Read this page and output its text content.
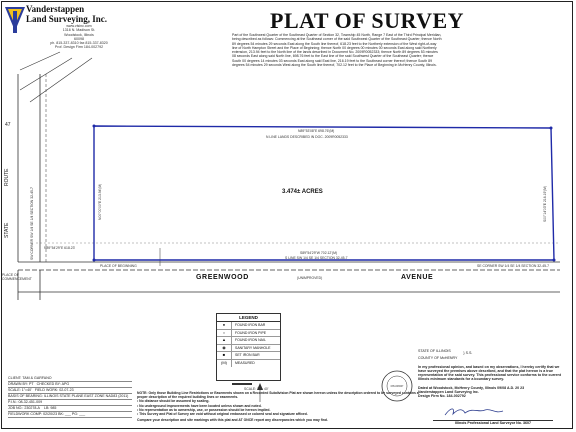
Vanderstappen
Land Surveying, Inc.
www.vlsinc.com
1316 N. Madison St.
Woodstock, Illinois
60098
ph. 815-337-8310 fax 815-337-8320
Prof. Design Firm 184-002792
PLAT OF SURVEY
Part of the Southwest Quarter of the Southeast Quarter of Section 32, Township 45 North, Range 7 East of the Third Principal Meridian, being described as follows: Commencing at the Southeast corner of the said Southwest Quarter of the Southeast Quarter; thence North 89 degrees 54 minutes 29 seconds East along the South line thereof, 618.23 feet to the Northerly extension of the West right-of-way line of North Hampton Street and the Place of Beginning; thence North 00 degrees 00 minutes 00 seconds East along said Northerly extension, 213.94 feet to the North line of the lands described in Document No. 2009R0052333; thence North 89 degrees 53 minutes 08 seconds East along said North line, 698.76 feet to the East line of the said Southwest Quarter of the Southeast Quarter; thence South 00 degrees 14 minutes 03 seconds East along said East line, 216.19 feet to the Southeast corner thereof; thence South 89 degrees 54 minutes 29 seconds West along the South line thereof, 702.12 feet to the Place of Beginning in McHenry County, Illinois.
47
ROUTE
STATE
3.474± ACRES
GREENWOOD	(UNIMPROVED)	AVENUE
N89°53'08"E 698.76'(M)
N LINE LANDS DESCRIBED IN DOC. 2009R0052333
S89°54'29"W 702.12'(M)
S LINE SW 1/4 SE 1/4 SECTION 32-45-7
N00°00'00"E 213.94'(M)	S00°14'03"E 216.19'(M)
PLACE OF BEGINNING
PLACE OF COMMENCEMENT
N89°54'29"E 618.23'
SW CORNER SW 1/4 SE 1/4 SECTION 32-45-7
SE CORNER SW 1/4 SE 1/4 SECTION 32-45-7
SCALE: 1" = 40'
LEGEND
●	FOUND IRON BAR
○	FOUND IRON PIPE
▲	FOUND IRON NAIL
◉	SANITARY MANHOLE
■	SET IRON BAR
(M)	MEASURED
CLIENT: TAM & GARFANO
DRAWN BY: PT CHECKED BY: APG
SCALE: 1"=40' FIELD WORK: 02-07-23
BASIS OF BEARING: ILLINOIS STATE PLANE EAST ZONE NAD83 (2011)
P.I.N.: 08-32-451-009
JOB NO.: 230278-A LB: 985
FIELDWORK COMP: 02/20/23 BK: ___ PG: ___
NOTE: Only those Building Line Restrictions or Easements shown on a Recorded Subdivision Plat are shown hereon unless the description ordered to be surveyed contains a proper description of the required building lines or easements.
• No distance should be assumed by scaling.
• No underground improvements have been located unless shown and noted.
• No representation as to ownership, use, or possession should be hereon implied.
• This Survey and Plat of Survey are void without original embossed or colored seal and signature affixed.
Compare your description and site markings with this plat and AT ONCE report any discrepancies which you may find.
STATE OF ILLINOIS
COUNTY OF McHENRY
} S.S.
In my professional opinion, and based on my observations, I hereby certify that we have surveyed the premises above described, and that the plat hereon is a true representation of the said survey. This professional service conforms to the current Illinois minimum standards for a boundary survey.
Dated at Woodstock, McHenry County, Illinois 09/08 A.D. 20 23
Vanderstappen Land Surveying Inc.
Design Firm No. 184-002792
Illinois Professional Land Surveyor No. 3607
035-003607
